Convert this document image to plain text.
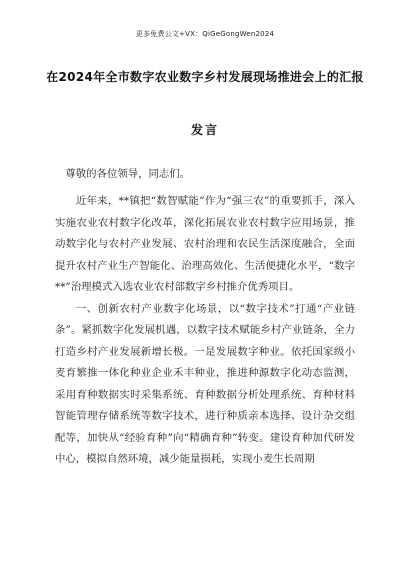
更多免费公文+VX：QiGeGongWen2024
在2024年全市数字农业数字乡村发展现场推进会上的汇报
发言
尊敬的各位领导，同志们。

近年来，**镇把“数智赋能”作为“强三农”的重要抓手，深入实施农业农村数字化改革，深化拓展农业农村数字应用场景，推动数字化与农村产业发展、农村治理和农民生活深度融合，全面提升农村产业生产智能化、治理高效化、生活便捷化水平，“数字**”治理模式入选农业农村部数字乡村推介优秀项目。

一、创新农村产业数字化场景，以“数字技术”打通“产业链条”。紧抓数字化发展机遇，以数字技术赋能乡村产业链条，全力打造乡村产业发展新增长极。一是发展数字种业。依托国家级小麦育繁推一体化种业企业禾丰种业，推进种源数字化动态监测，采用育种数据实时采集系统、育种数据分析处理系统、育种材料智能管理存储系统等数字技术，进行种质亲本选择、设计杂交组配等，加快从“经验育种”向“精确育种”转变。建设育种加代研发中心，模拟自然环境，减少能量损耗，实现小麦生长周期
